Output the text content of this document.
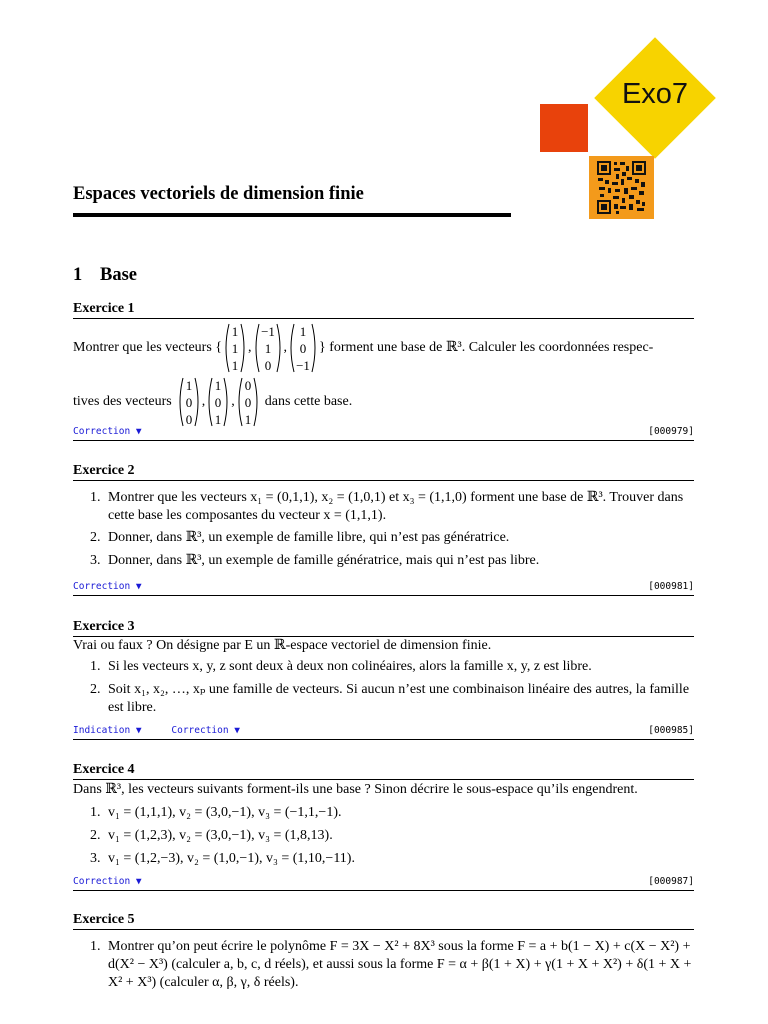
Exo7
Espaces vectoriels de dimension finie
1 Base
Exercice 1
Montrer que les vecteurs {
1
1
1
,
−1
1
0
,
1
0
−1
} forment une base de ℝ³. Calculer les coordonnées respec-
tives des vecteurs
1
0
0
,
1
0
1
,
0
0
1
dans cette base.
Correction ▼	[000979]
Exercice 2
1. Montrer que les vecteurs x₁ = (0,1,1), x₂ = (1,0,1) et x₃ = (1,1,0) forment une base de ℝ³. Trouver dans cette base les composantes du vecteur x = (1,1,1).
2. Donner, dans ℝ³, un exemple de famille libre, qui n’est pas génératrice.
3. Donner, dans ℝ³, un exemple de famille génératrice, mais qui n’est pas libre.
Correction ▼	[000981]
Exercice 3
Vrai ou faux ? On désigne par E un ℝ-espace vectoriel de dimension finie.
1. Si les vecteurs x, y, z sont deux à deux non colinéaires, alors la famille x, y, z est libre.
2. Soit x₁, x₂, …, xₚ une famille de vecteurs. Si aucun n’est une combinaison linéaire des autres, la famille est libre.
Indication ▼	Correction ▼	[000985]
Exercice 4
Dans ℝ³, les vecteurs suivants forment-ils une base ? Sinon décrire le sous-espace qu’ils engendrent.
1. v₁ = (1,1,1), v₂ = (3,0,−1), v₃ = (−1,1,−1).
2. v₁ = (1,2,3), v₂ = (3,0,−1), v₃ = (1,8,13).
3. v₁ = (1,2,−3), v₂ = (1,0,−1), v₃ = (1,10,−11).
Correction ▼	[000987]
Exercice 5
1. Montrer qu’on peut écrire le polynôme F = 3X − X² + 8X³ sous la forme F = a + b(1 − X) + c(X − X²) + d(X² − X³) (calculer a, b, c, d réels), et aussi sous la forme F = α + β(1 + X) + γ(1 + X + X²) + δ(1 + X + X² + X³) (calculer α, β, γ, δ réels).
